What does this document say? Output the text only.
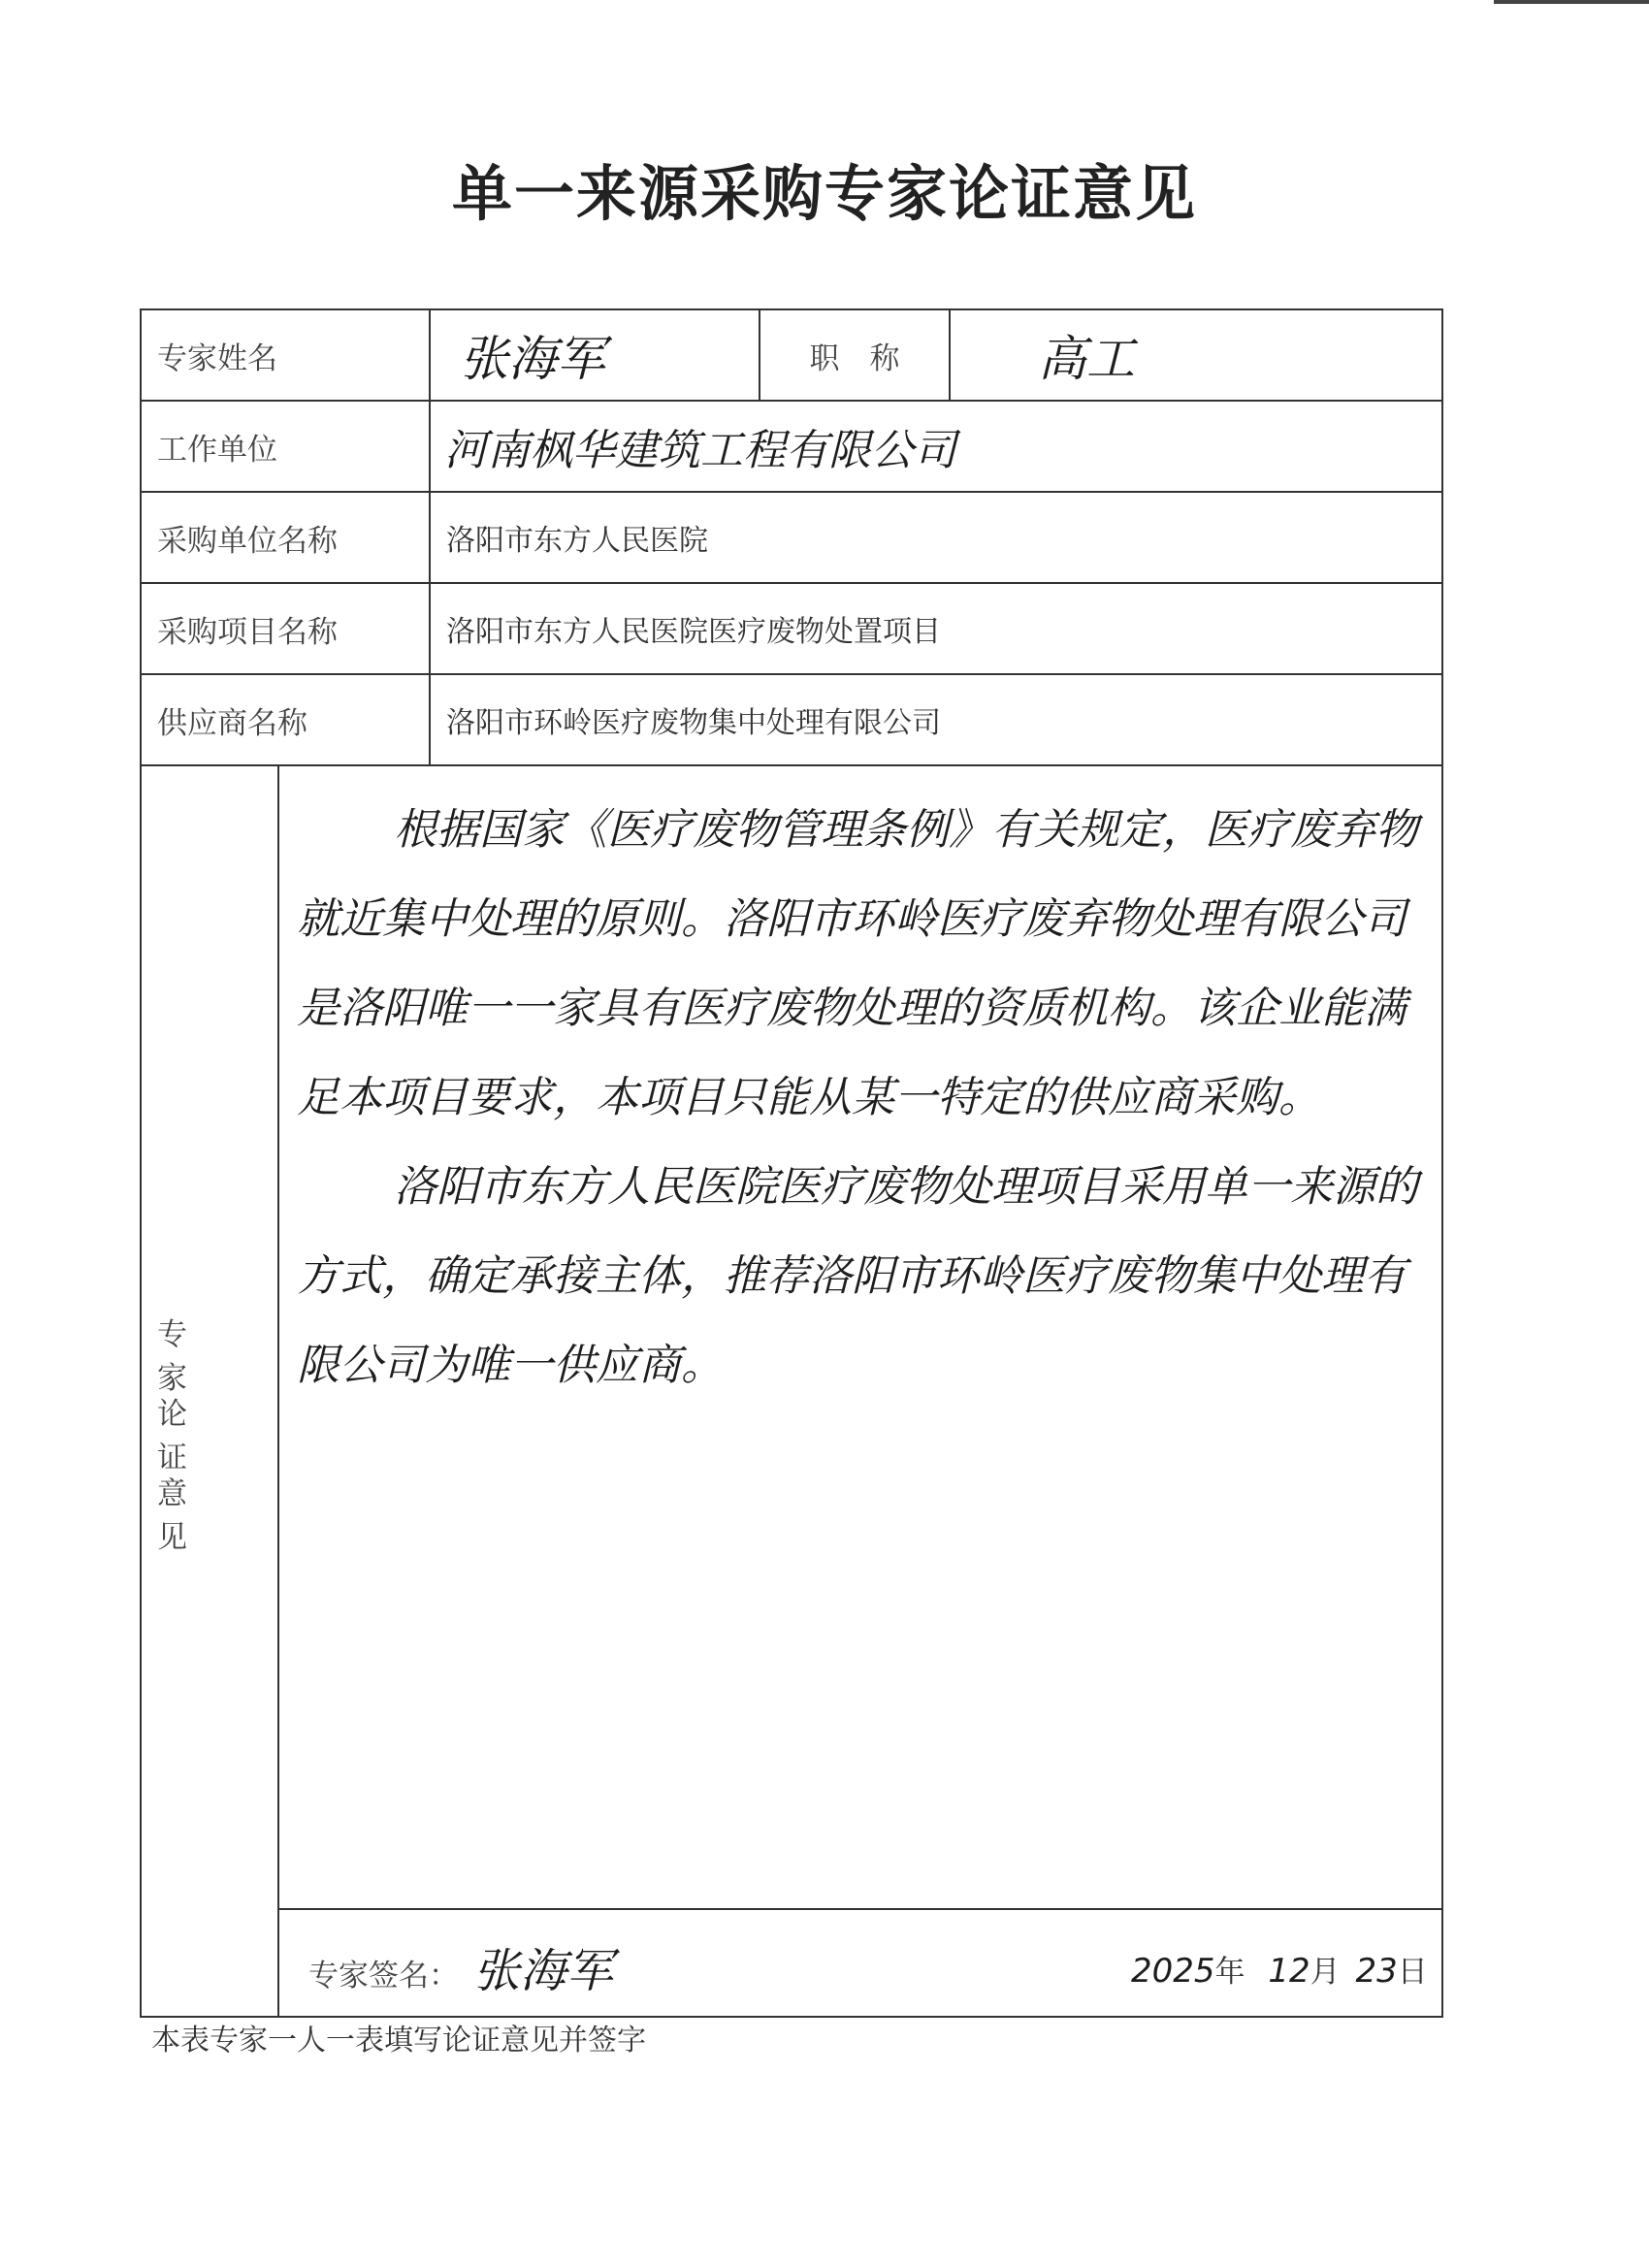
单一来源采购专家论证意见
专家姓名	张海军	职　称	高工
工作单位	河南枫华建筑工程有限公司
采购单位名称	洛阳市东方人民医院
采购项目名称	洛阳市东方人民医院医疗废物处置项目
供应商名称	洛阳市环岭医疗废物集中处理有限公司
专 家
论 证
意 见

根据国家《医疗废物管理条例》有关规定，医疗废弃物就近集中处理的原则。洛阳市环岭医疗废弃物处理有限公司是洛阳唯一一家具有医疗废物处理的资质机构。该企业能满足本项目要求，本项目只能从某一特定的供应商采购。

洛阳市东方人民医院医疗废物处理项目采用单一来源的方式，确定承接主体，推荐洛阳市环岭医疗废物集中处理有限公司为唯一供应商。

专家签名： 张海军	2025年 12月 23日
本表专家一人一表填写论证意见并签字
